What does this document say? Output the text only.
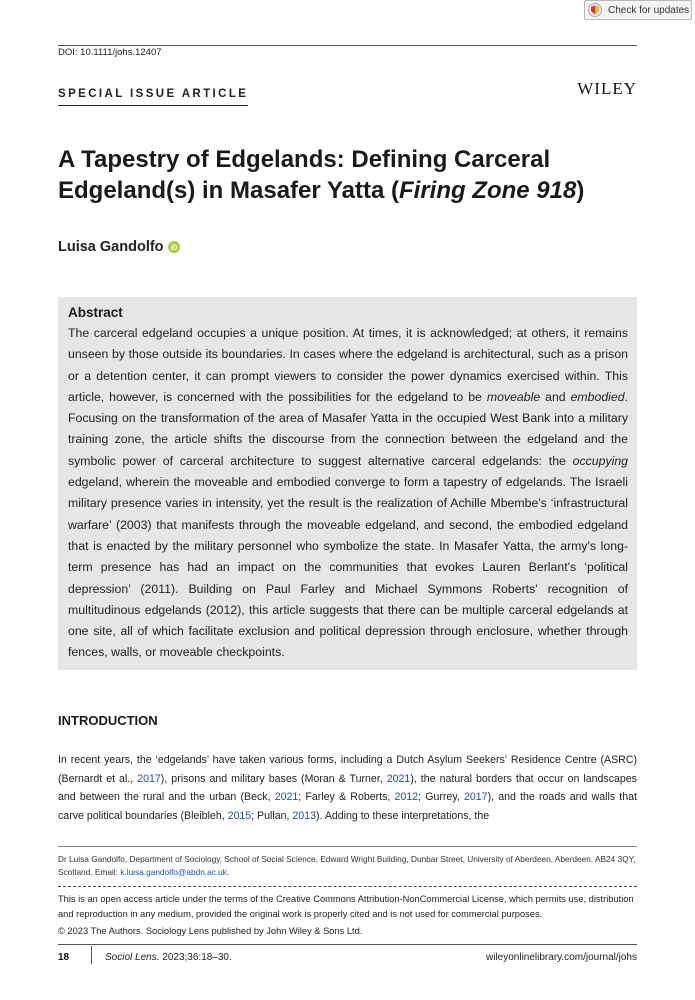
Check for updates
DOI: 10.1111/johs.12407
SPECIAL ISSUE ARTICLE	WILEY
A Tapestry of Edgelands: Defining Carceral Edgeland(s) in Masafer Yatta (Firing Zone 918)
Luisa Gandolfo
Abstract

The carceral edgeland occupies a unique position. At times, it is acknowledged; at others, it remains unseen by those outside its boundaries. In cases where the edgeland is architectural, such as a prison or a detention center, it can prompt viewers to consider the power dynamics exercised within. This article, however, is concerned with the possibilities for the edgeland to be moveable and embodied. Focusing on the transformation of the area of Masafer Yatta in the occupied West Bank into a military training zone, the article shifts the discourse from the connection between the edgeland and the symbolic power of carceral architecture to suggest alternative carceral edgelands: the occupying edgeland, wherein the moveable and embodied converge to form a tapestry of edgelands. The Israeli military presence varies in intensity, yet the result is the realization of Achille Mbembe's ‘infrastructural warfare’ (2003) that manifests through the moveable edgeland, and second, the embodied edgeland that is enacted by the military personnel who symbolize the state. In Masafer Yatta, the army's long-term presence has had an impact on the communities that evokes Lauren Berlant's ‘political depression’ (2011). Building on Paul Farley and Michael Symmons Roberts' recognition of multitudinous edgelands (2012), this article suggests that there can be multiple carceral edgelands at one site, all of which facilitate exclusion and political depression through enclosure, whether through fences, walls, or moveable checkpoints.

INTRODUCTION

In recent years, the ‘edgelands’ have taken various forms, including a Dutch Asylum Seekers' Residence Centre (ASRC) (Bernardt et al., 2017), prisons and military bases (Moran & Turner, 2021), the natural borders that occur on landscapes and between the rural and the urban (Beck, 2021; Farley & Roberts, 2012; Gurrey, 2017), and the roads and walls that carve political boundaries (Bleibleh, 2015; Pullan, 2013). Adding to these interpretations, the

Dr Luisa Gandolfo, Department of Sociology, School of Social Science, Edward Wright Building, Dunbar Street, University of Aberdeen, Aberdeen. AB24 3QY, Scotland. Email: k.luisa.gandolfo@abdn.ac.uk.

This is an open access article under the terms of the Creative Commons Attribution-NonCommercial License, which permits use, distribution and reproduction in any medium, provided the original work is properly cited and is not used for commercial purposes.

© 2023 The Authors. Sociology Lens published by John Wiley & Sons Ltd.

18	Sociol Lens. 2023;36:18–30.	wileyonlinelibrary.com/journal/johs
